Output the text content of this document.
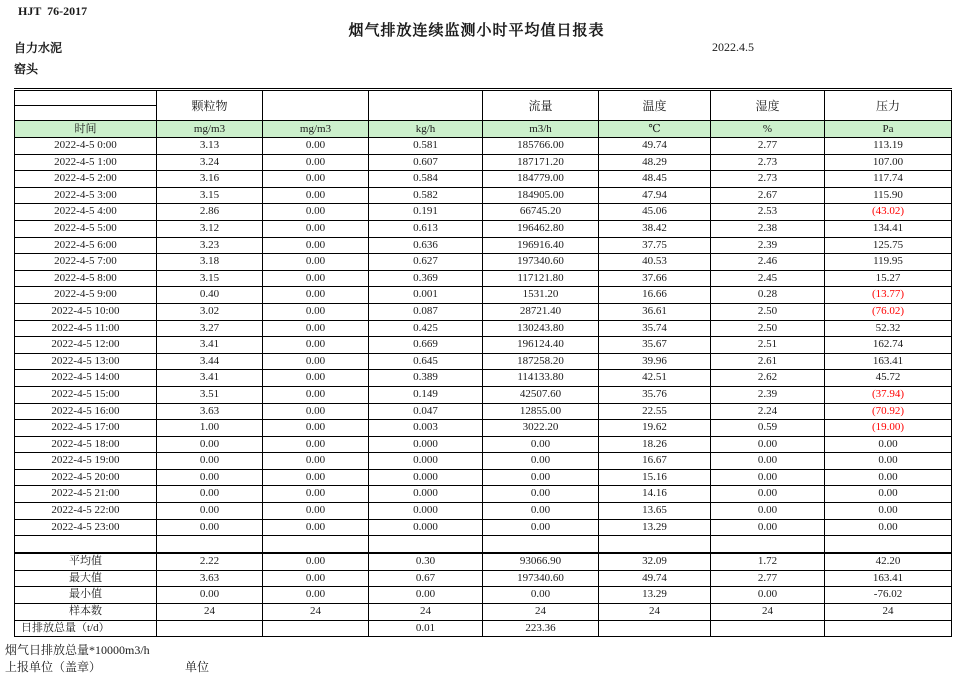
HJT  76-2017
烟气排放连续监测小时平均值日报表
2022.4.5
自力水泥
窑头
	颗粒物			流量	温度	湿度	压力

时间	mg/m3	mg/m3	kg/h	m3/h	℃	%	Pa
2022-4-5 0:00	3.13	0.00	0.581	185766.00	49.74	2.77	113.19
2022-4-5 1:00	3.24	0.00	0.607	187171.20	48.29	2.73	107.00
2022-4-5 2:00	3.16	0.00	0.584	184779.00	48.45	2.73	117.74
2022-4-5 3:00	3.15	0.00	0.582	184905.00	47.94	2.67	115.90
2022-4-5 4:00	2.86	0.00	0.191	66745.20	45.06	2.53	(43.02)
2022-4-5 5:00	3.12	0.00	0.613	196462.80	38.42	2.38	134.41
2022-4-5 6:00	3.23	0.00	0.636	196916.40	37.75	2.39	125.75
2022-4-5 7:00	3.18	0.00	0.627	197340.60	40.53	2.46	119.95
2022-4-5 8:00	3.15	0.00	0.369	117121.80	37.66	2.45	15.27
2022-4-5 9:00	0.40	0.00	0.001	1531.20	16.66	0.28	(13.77)
2022-4-5 10:00	3.02	0.00	0.087	28721.40	36.61	2.50	(76.02)
2022-4-5 11:00	3.27	0.00	0.425	130243.80	35.74	2.50	52.32
2022-4-5 12:00	3.41	0.00	0.669	196124.40	35.67	2.51	162.74
2022-4-5 13:00	3.44	0.00	0.645	187258.20	39.96	2.61	163.41
2022-4-5 14:00	3.41	0.00	0.389	114133.80	42.51	2.62	45.72
2022-4-5 15:00	3.51	0.00	0.149	42507.60	35.76	2.39	(37.94)
2022-4-5 16:00	3.63	0.00	0.047	12855.00	22.55	2.24	(70.92)
2022-4-5 17:00	1.00	0.00	0.003	3022.20	19.62	0.59	(19.00)
2022-4-5 18:00	0.00	0.00	0.000	0.00	18.26	0.00	0.00
2022-4-5 19:00	0.00	0.00	0.000	0.00	16.67	0.00	0.00
2022-4-5 20:00	0.00	0.00	0.000	0.00	15.16	0.00	0.00
2022-4-5 21:00	0.00	0.00	0.000	0.00	14.16	0.00	0.00
2022-4-5 22:00	0.00	0.00	0.000	0.00	13.65	0.00	0.00
2022-4-5 23:00	0.00	0.00	0.000	0.00	13.29	0.00	0.00

平均值	2.22	0.00	0.30	93066.90	32.09	1.72	42.20
最大值	3.63	0.00	0.67	197340.60	49.74	2.77	163.41
最小值	0.00	0.00	0.00	0.00	13.29	0.00	-76.02
样本数	24	24	24	24	24	24	24
日排放总量（t/d）			0.01	223.36			
烟气日排放总量*10000m3/h
上报单位（盖章）	单位
